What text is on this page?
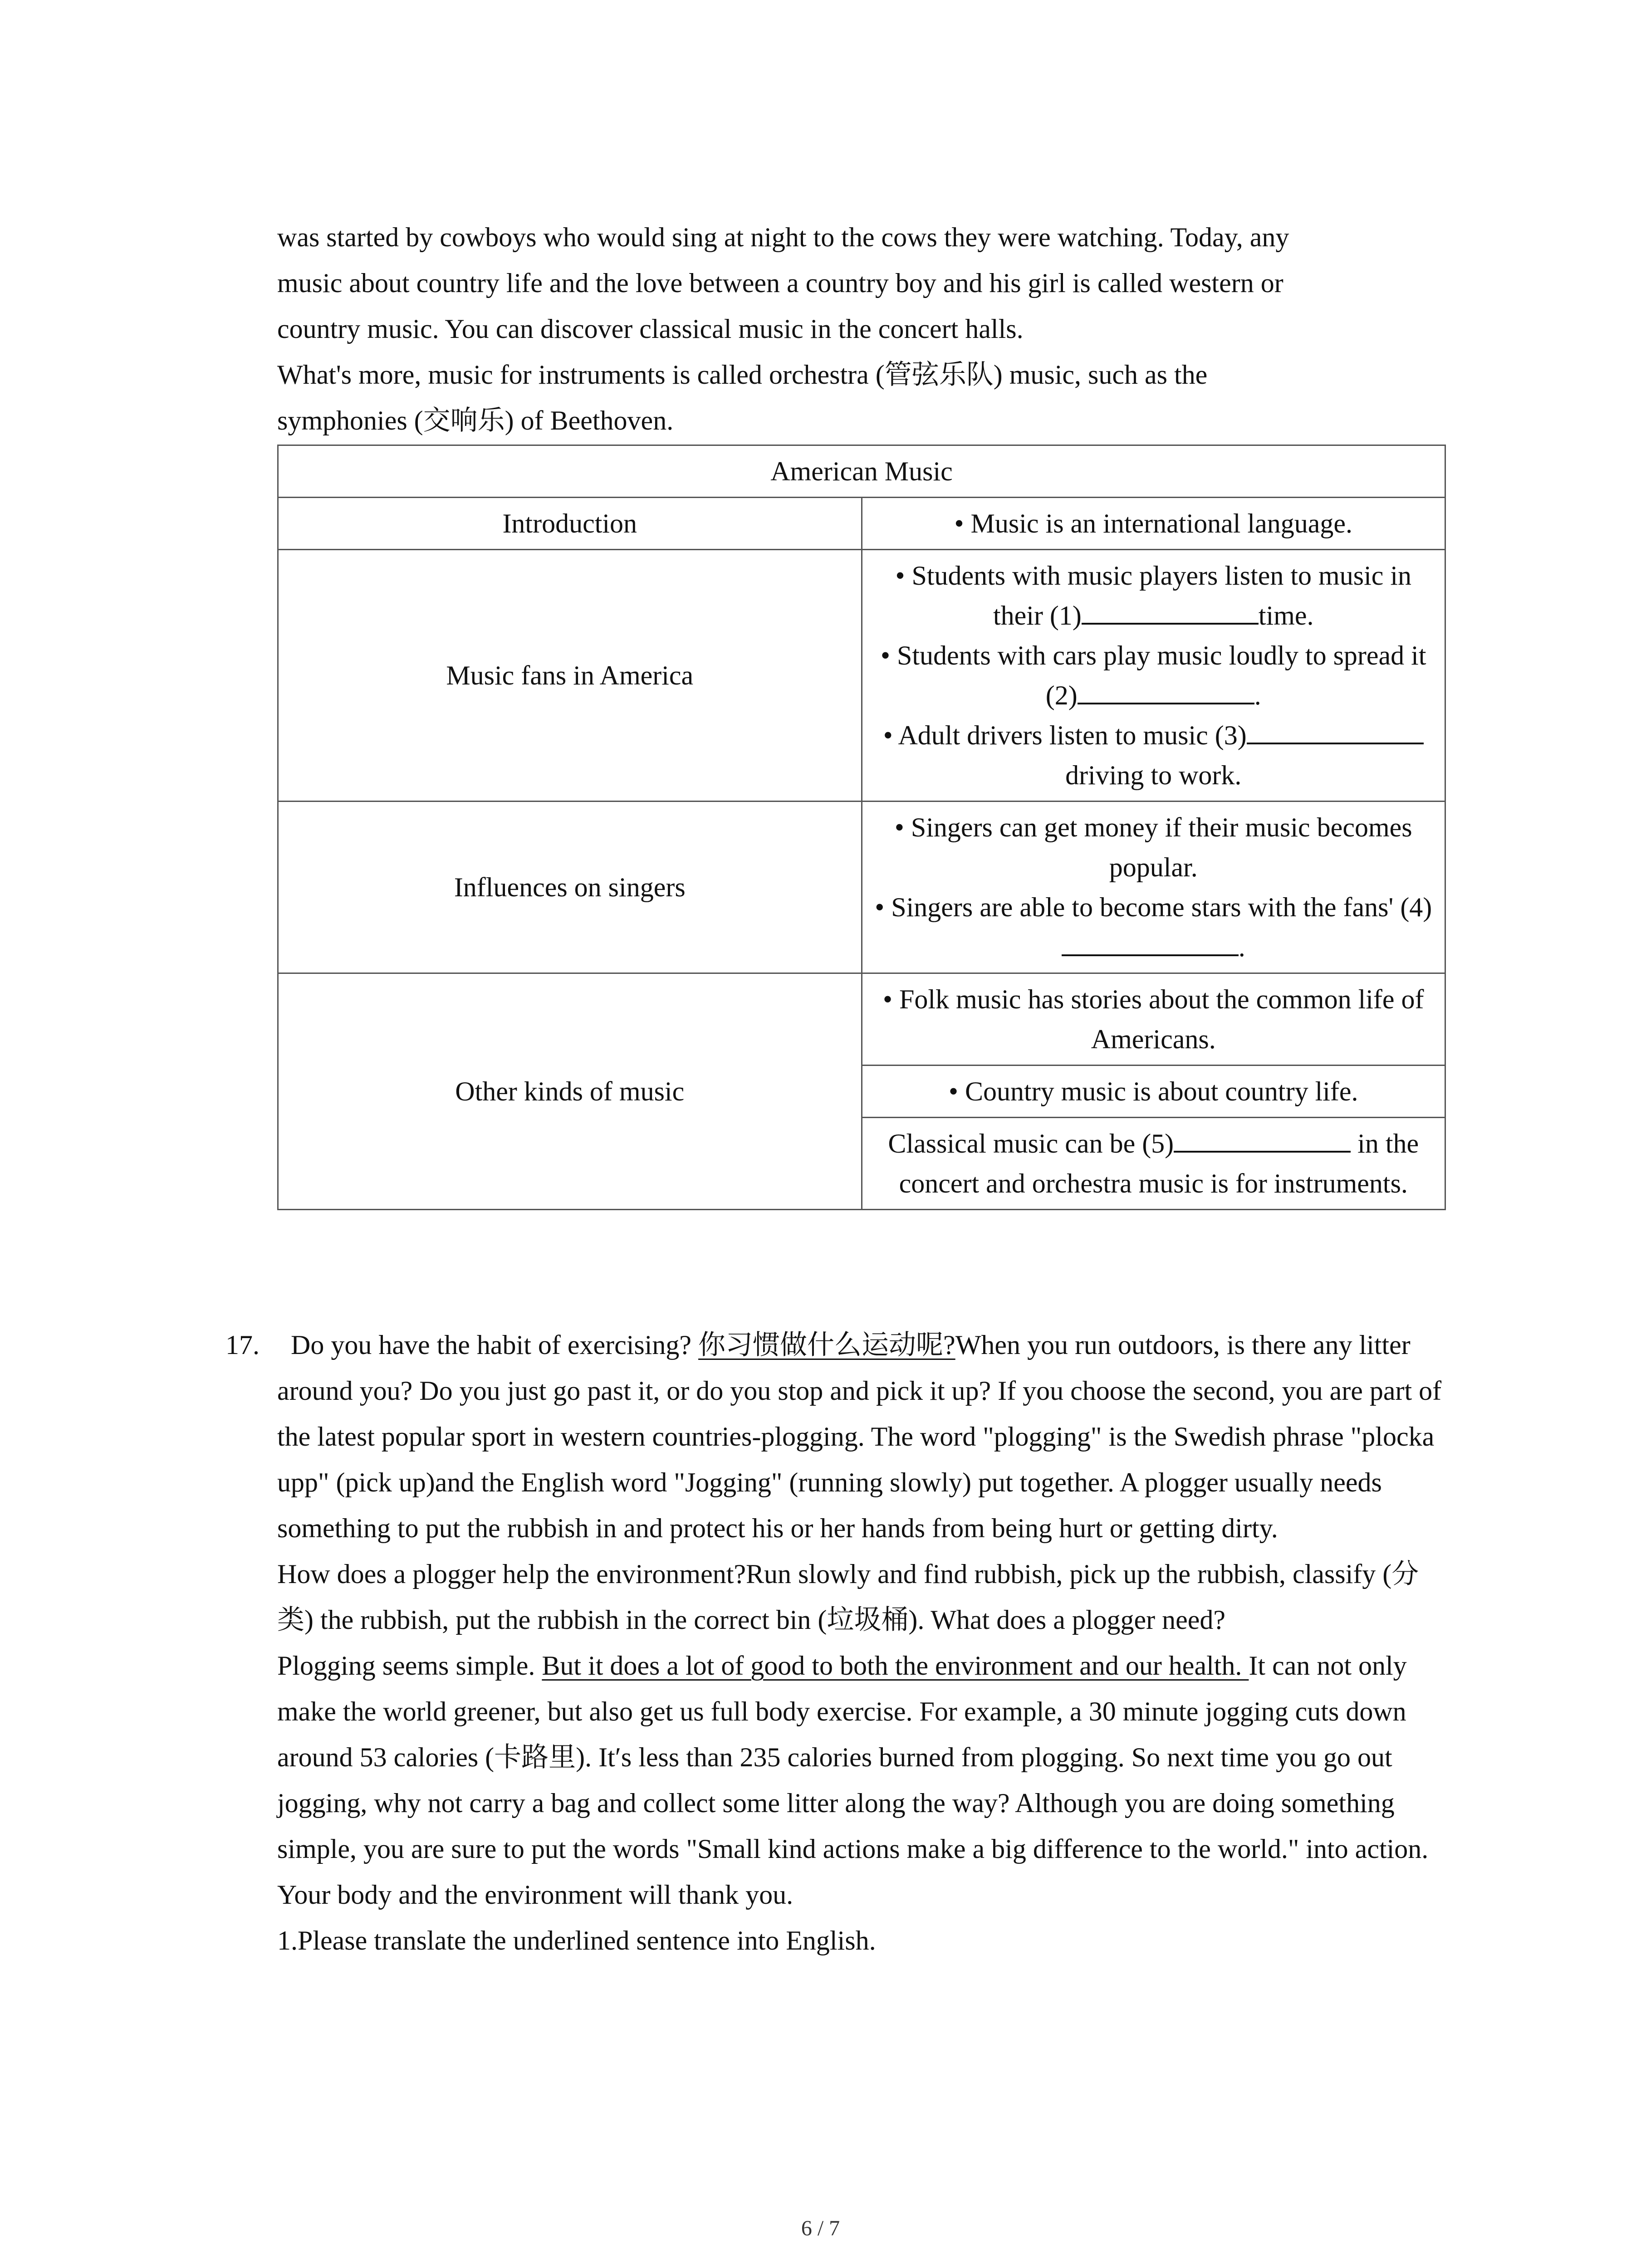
was started by cowboys who would sing at night to the cows they were watching. Today, any
music about country life and the love between a country boy and his girl is called western or
country music. You can discover classical music in the concert halls.
What's more, music for instruments is called orchestra (管弦乐队) music, such as the
symphonies (交响乐) of Beethoven.
American Music	
Introduction	• Music is an international language.
Music fans in America	• Students with music players listen to music in their (1) time.
• Students with cars play music loudly to spread it (2) .
• Adult drivers listen to music (3)driving to work.

Influences on singers	• Singers can get money if their music becomes popular.
• Singers are able to become stars with the fans' (4).

Other kinds of music	• Folk music has stories about the common life of Americans.
	• Country music is about country life.
	Classical music can be (5) in the concert and orchestra music is for instruments.
17.	Do you have the habit of exercising? 你习惯做什么运动呢?When you run outdoors, is there any litter around you? Do you just go past it, or do you stop and pick it up? If you choose the second, you are part of the latest popular sport in western countries-plogging. The word "plogging" is the Swedish phrase "plocka upp" (pick up)and the English word "Jogging" (running slowly) put together. A plogger usually needs something to put the rubbish in and protect his or her hands from being hurt or getting dirty.

How does a plogger help the environment?Run slowly and find rubbish, pick up the rubbish, classify (分类) the rubbish, put the rubbish in the correct bin (垃圾桶). What does a plogger need?

Plogging seems simple. But it does a lot of good to both the environment and our health. It can not only make the world greener, but also get us full body exercise. For example, a 30 minute jogging cuts down around 53 calories (卡路里). It′s less than 235 calories burned from plogging. So next time you go out jogging, why not carry a bag and collect some litter along the way? Although you are doing something simple, you are sure to put the words "Small kind actions make a big difference to the world." into action. Your body and the environment will thank you.

1.Please translate the underlined sentence into English.

6 / 7
